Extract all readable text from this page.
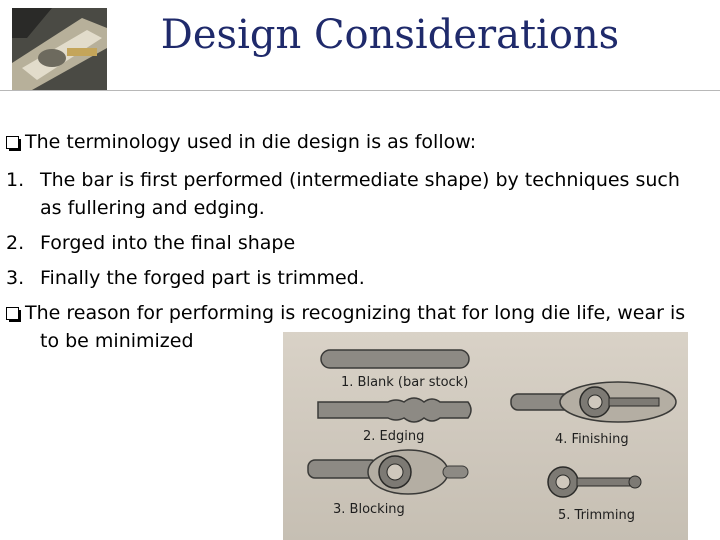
Design Considerations
The terminology used in die design is as follow:
1. The bar is first performed (intermediate shape) by techniques such
as fullering and edging.
2. Forged into the final shape
3. Finally the forged part is trimmed.
The reason for performing is recognizing that for long die life, wear is
to be minimized
1. Blank (bar stock)
2. Edging
3. Blocking
4. Finishing
5. Trimming
